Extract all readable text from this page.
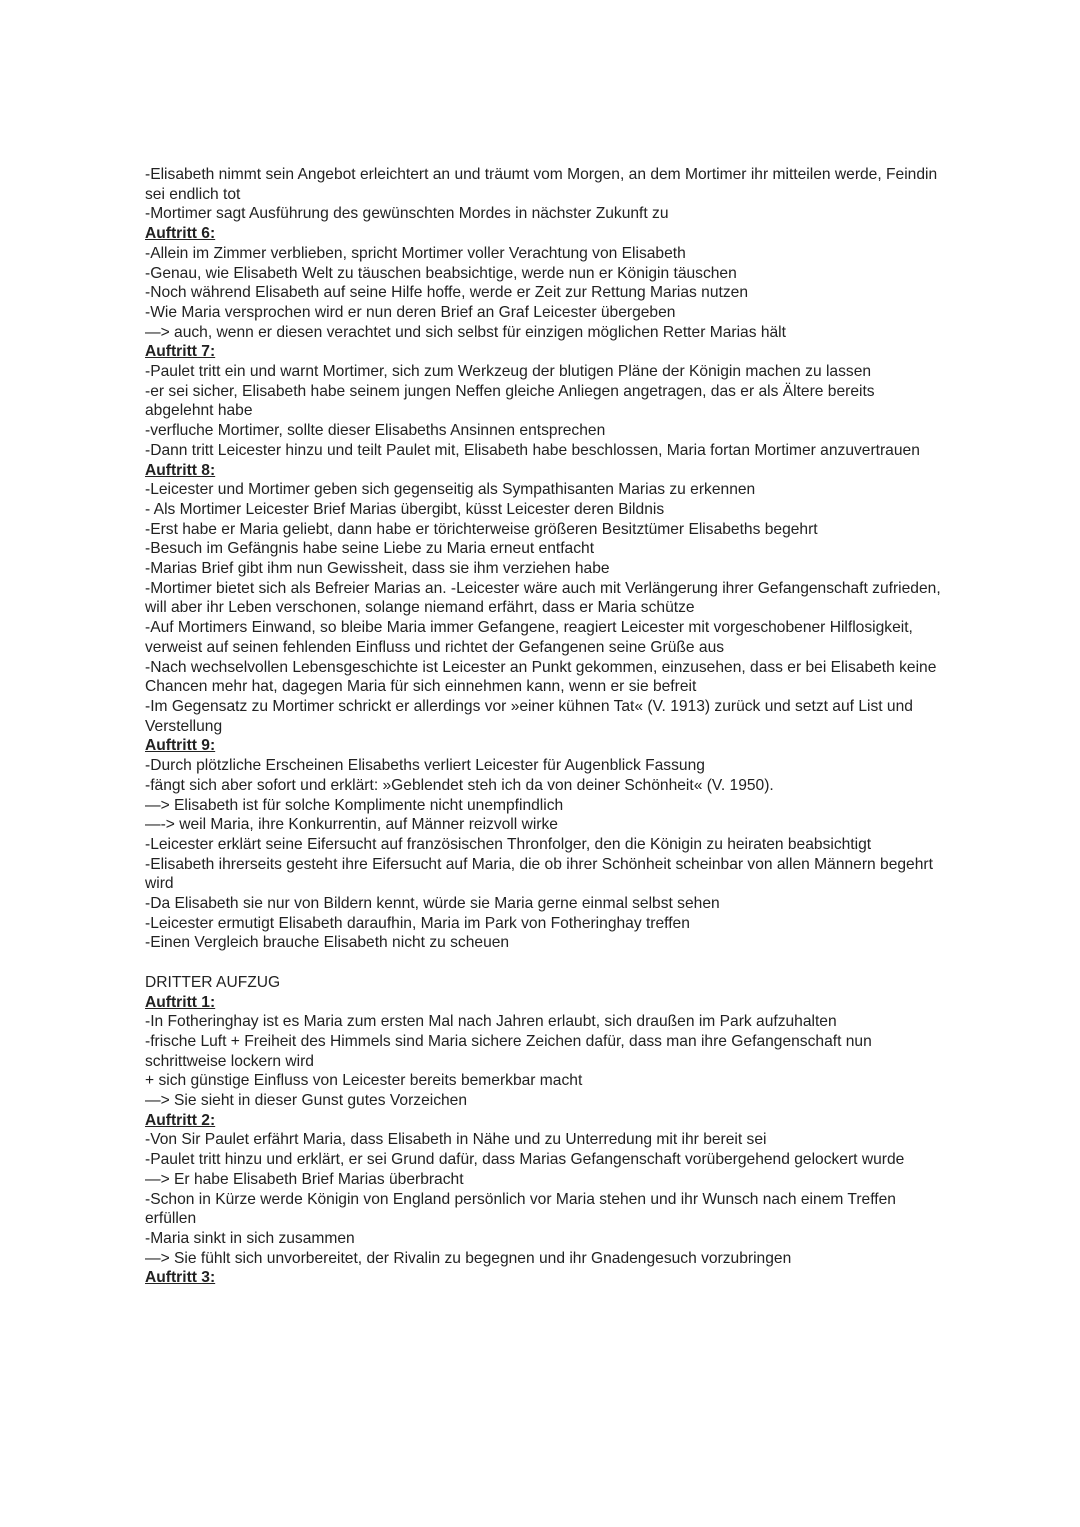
-Elisabeth nimmt sein Angebot erleichtert an und träumt vom Morgen, an dem Mortimer ihr mitteilen werde, Feindin sei endlich tot
-Mortimer sagt Ausführung des gewünschten Mordes in nächster Zukunft zu
Auftritt 6:
-Allein im Zimmer verblieben, spricht Mortimer voller Verachtung von Elisabeth
-Genau, wie Elisabeth Welt zu täuschen beabsichtige, werde nun er Königin täuschen
-Noch während Elisabeth auf seine Hilfe hoffe, werde er Zeit zur Rettung Marias nutzen
-Wie Maria versprochen wird er nun deren Brief an Graf Leicester übergeben
—> auch, wenn er diesen verachtet und sich selbst für einzigen möglichen Retter Marias hält
Auftritt 7:
-Paulet tritt ein und warnt Mortimer, sich zum Werkzeug der blutigen Pläne der Königin machen zu lassen
-er sei sicher, Elisabeth habe seinem jungen Neffen gleiche Anliegen angetragen, das er als Ältere bereits abgelehnt habe
-verfluche Mortimer, sollte dieser Elisabeths Ansinnen entsprechen
-Dann tritt Leicester hinzu und teilt Paulet mit, Elisabeth habe beschlossen, Maria fortan Mortimer anzuvertrauen
Auftritt 8:
-Leicester und Mortimer geben sich gegenseitig als Sympathisanten Marias zu erkennen
- Als Mortimer Leicester Brief Marias übergibt, küsst Leicester deren Bildnis
-Erst habe er Maria geliebt, dann habe er törichterweise größeren Besitztümer Elisabeths begehrt
-Besuch im Gefängnis habe seine Liebe zu Maria erneut entfacht
-Marias Brief gibt ihm nun Gewissheit, dass sie ihm verziehen habe
-Mortimer bietet sich als Befreier Marias an. -Leicester wäre auch mit Verlängerung ihrer Gefangenschaft zufrieden, will aber ihr Leben verschonen, solange niemand erfährt, dass er Maria schütze
-Auf Mortimers Einwand, so bleibe Maria immer Gefangene, reagiert Leicester mit vorgeschobener Hilflosigkeit, verweist auf seinen fehlenden Einfluss und richtet der Gefangenen seine Grüße aus
-Nach wechselvollen Lebensgeschichte ist Leicester an Punkt gekommen, einzusehen, dass er bei Elisabeth keine Chancen mehr hat, dagegen Maria für sich einnehmen kann, wenn er sie befreit
-Im Gegensatz zu Mortimer schrickt er allerdings vor »einer kühnen Tat« (V. 1913) zurück und setzt auf List und Verstellung
Auftritt 9:
-Durch plötzliche Erscheinen Elisabeths verliert Leicester für Augenblick Fassung
-fängt sich aber sofort und erklärt: »Geblendet steh ich da von deiner Schönheit« (V. 1950).
—> Elisabeth ist für solche Komplimente nicht unempfindlich
—-> weil Maria, ihre Konkurrentin, auf Männer reizvoll wirke
-Leicester erklärt seine Eifersucht auf französischen Thronfolger, den die Königin zu heiraten beabsichtigt
-Elisabeth ihrerseits gesteht ihre Eifersucht auf Maria, die ob ihrer Schönheit scheinbar von allen Männern begehrt wird
-Da Elisabeth sie nur von Bildern kennt, würde sie Maria gerne einmal selbst sehen
-Leicester ermutigt Elisabeth daraufhin, Maria im Park von Fotheringhay treffen
-Einen Vergleich brauche Elisabeth nicht zu scheuen
DRITTER AUFZUG
Auftritt 1:
-In Fotheringhay ist es Maria zum ersten Mal nach Jahren erlaubt, sich draußen im Park aufzuhalten
-frische Luft + Freiheit des Himmels sind Maria sichere Zeichen dafür, dass man ihre Gefangenschaft nun schrittweise lockern wird
+ sich günstige Einfluss von Leicester bereits bemerkbar macht
—> Sie sieht in dieser Gunst gutes Vorzeichen
Auftritt 2:
-Von Sir Paulet erfährt Maria, dass Elisabeth in Nähe und zu Unterredung mit ihr bereit sei
-Paulet tritt hinzu und erklärt, er sei Grund dafür, dass Marias Gefangenschaft vorübergehend gelockert wurde
—> Er habe Elisabeth Brief Marias überbracht
-Schon in Kürze werde Königin von England persönlich vor Maria stehen und ihr Wunsch nach einem Treffen erfüllen
-Maria sinkt in sich zusammen
—> Sie fühlt sich unvorbereitet, der Rivalin zu begegnen und ihr Gnadengesuch vorzubringen
Auftritt 3:
